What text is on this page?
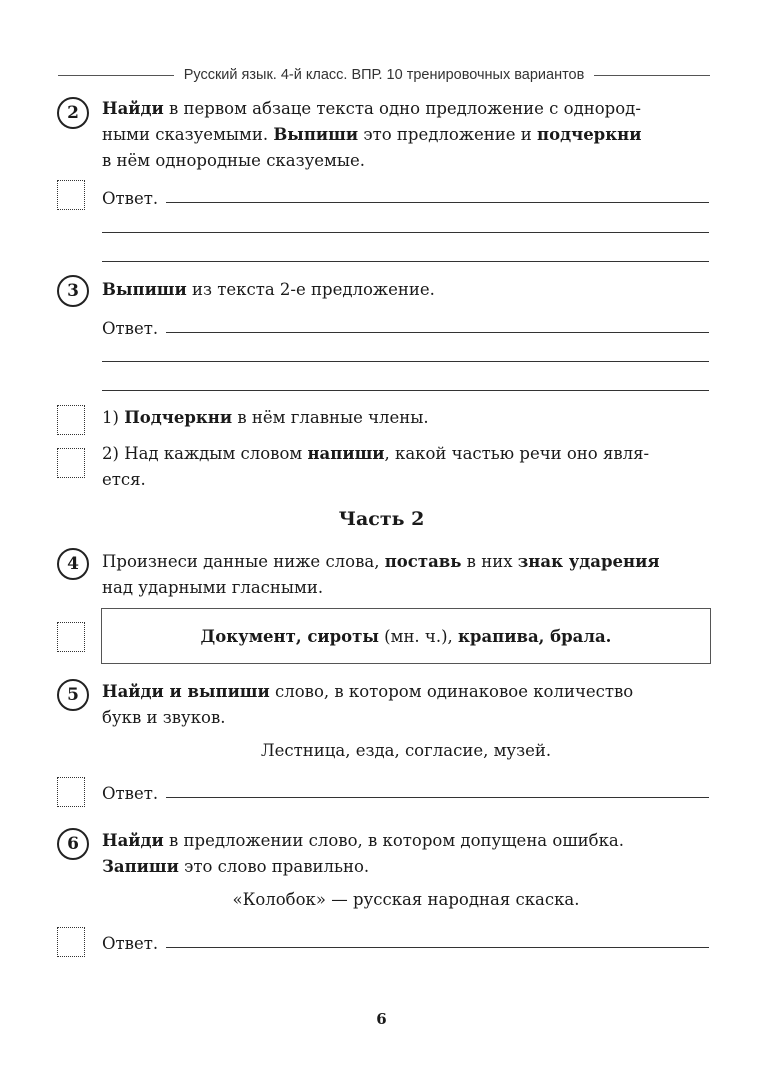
Русский язык. 4-й класс. ВПР. 10 тренировочных вариантов
2	Найди в первом абзаце текста одно предложение с однород-
ными сказуемыми. Выпиши это предложение и подчеркни
в нём однородные сказуемые.
Ответ.
3	Выпиши из текста 2-е предложение.
Ответ.
1) Подчеркни в нём главные члены.
2) Над каждым словом напиши, какой частью речи оно явля-
ется.
Часть 2
4	Произнеси данные ниже слова, поставь в них знак ударения
над ударными гласными.
Документ, сироты (мн. ч.), крапива, брала.
5	Найди и выпиши слово, в котором одинаковое количество
букв и звуков.
Лестница, езда, согласие, музей.
Ответ.
6	Найди в предложении слово, в котором допущена ошибка.
Запиши это слово правильно.
«Колобок» — русская народная скаска.
Ответ.
6
